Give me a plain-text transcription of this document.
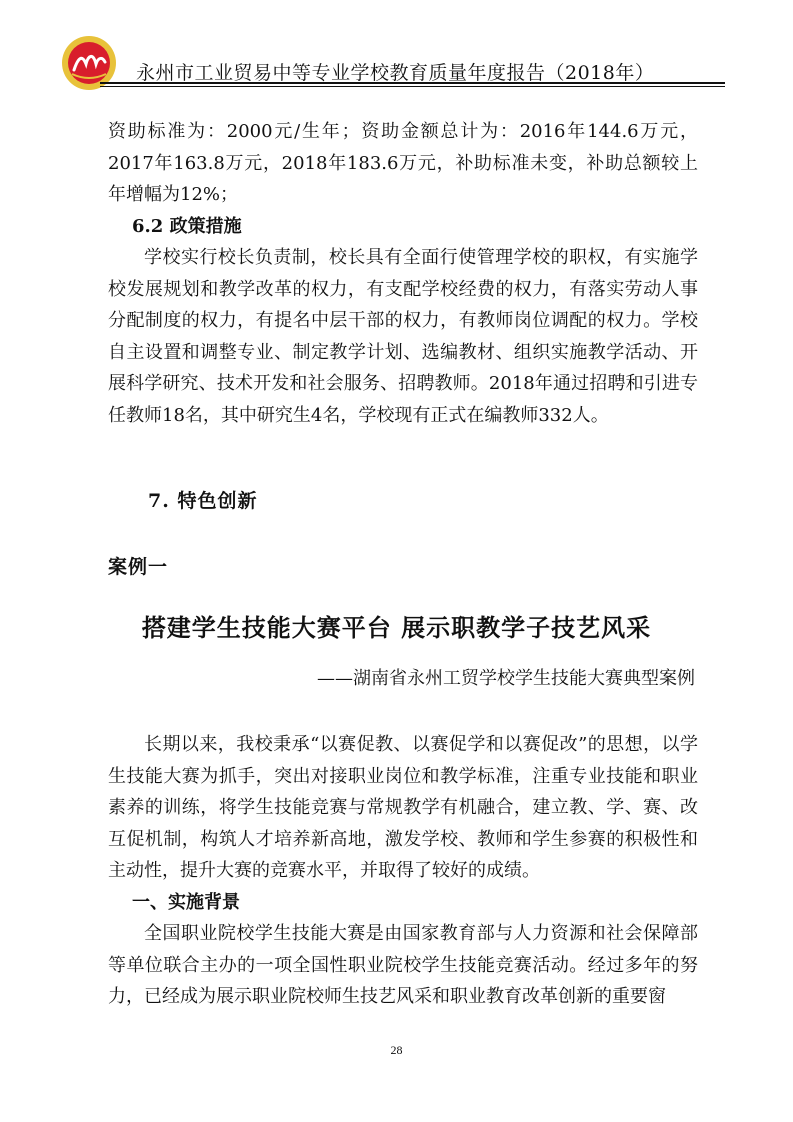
永州市工业贸易中等专业学校教育质量年度报告（2018年）

资助标准为：2000元/生年；资助金额总计为：2016年144.6万元，2017年163.8万元，2018年183.6万元，补助标准未变，补助总额较上年增幅为12%；

6.2 政策措施

学校实行校长负责制，校长具有全面行使管理学校的职权，有实施学校发展规划和教学改革的权力，有支配学校经费的权力，有落实劳动人事分配制度的权力，有提名中层干部的权力，有教师岗位调配的权力。学校自主设置和调整专业、制定教学计划、选编教材、组织实施教学活动、开展科学研究、技术开发和社会服务、招聘教师。2018年通过招聘和引进专任教师18名，其中研究生4名，学校现有正式在编教师332人。

7. 特色创新
案例一
搭建学生技能大赛平台 展示职教学子技艺风采
——湖南省永州工贸学校学生技能大赛典型案例

长期以来，我校秉承“以赛促教、以赛促学和以赛促改”的思想，以学生技能大赛为抓手，突出对接职业岗位和教学标准，注重专业技能和职业素养的训练，将学生技能竞赛与常规教学有机融合，建立教、学、赛、改互促机制，构筑人才培养新高地，激发学校、教师和学生参赛的积极性和主动性，提升大赛的竞赛水平，并取得了较好的成绩。

一、实施背景

全国职业院校学生技能大赛是由国家教育部与人力资源和社会保障部等单位联合主办的一项全国性职业院校学生技能竞赛活动。经过多年的努力，已经成为展示职业院校师生技艺风采和职业教育改革创新的重要窗

28
